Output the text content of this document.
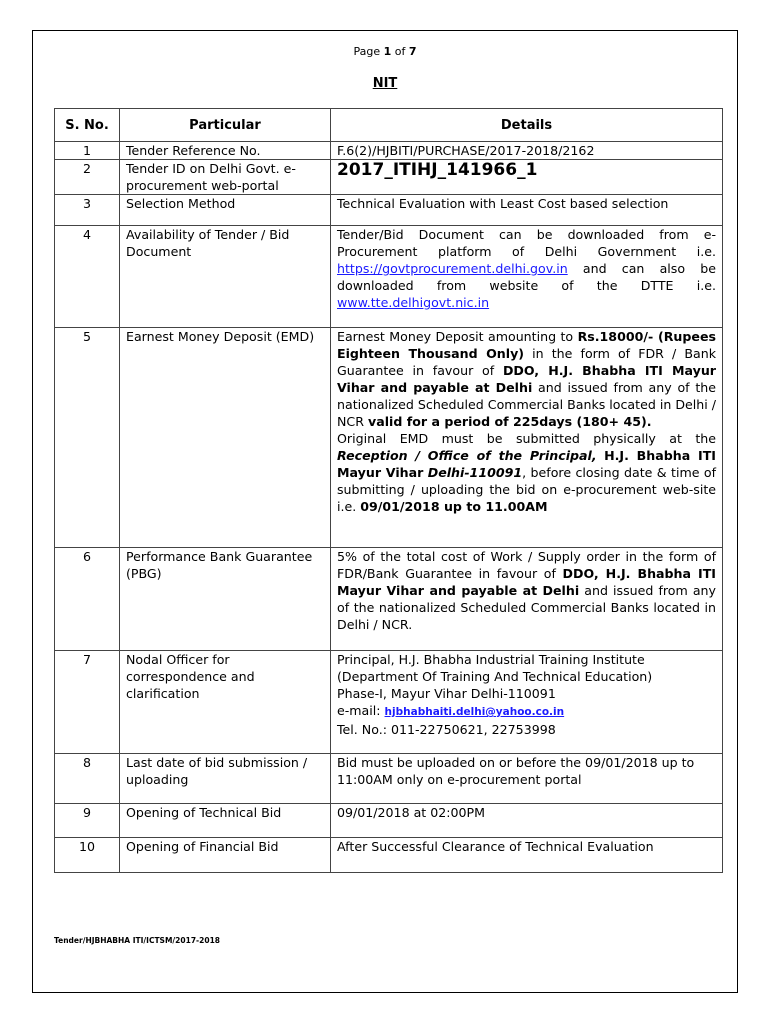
Page 1 of 7
NIT
S. No.	Particular	Details
1	Tender Reference No.	F.6(2)/HJBITI/PURCHASE/2017-2018/2162
2	Tender ID on Delhi Govt. e-procurement web-portal	2017_ITIHJ_141966_1
3	Selection Method	Technical Evaluation with Least Cost based selection
4	Availability of Tender / Bid Document	Tender/Bid Document can be downloaded from e-Procurement platform of Delhi Government i.e. https://govtprocurement.delhi.gov.in and can also be downloaded from website of the DTTE i.e. www.tte.delhigovt.nic.in
5	Earnest Money Deposit (EMD)	Earnest Money Deposit amounting to Rs.18000/- (Rupees Eighteen Thousand Only) in the form of FDR / Bank Guarantee in favour of DDO, H.J. Bhabha ITI Mayur Vihar and payable at Delhi and issued from any of the nationalized Scheduled Commercial Banks located in Delhi / NCR valid for a period of 225days (180+ 45).
Original EMD must be submitted physically at the Reception / Office of the Principal, H.J. Bhabha ITI Mayur Vihar Delhi-110091, before closing date & time of submitting / uploading the bid on e-procurement web-site i.e. 09/01/2018 up to 11.00AM
6	Performance Bank Guarantee (PBG)	5% of the total cost of Work / Supply order in the form of FDR/Bank Guarantee in favour of DDO, H.J. Bhabha ITI Mayur Vihar and payable at Delhi and issued from any of the nationalized Scheduled Commercial Banks located in Delhi / NCR.
7	Nodal Officer for correspondence and clarification	Principal, H.J. Bhabha Industrial Training Institute
(Department Of Training And Technical Education)
Phase-I, Mayur Vihar Delhi-110091
e-mail: hjbhabhaiti.delhi@yahoo.co.in
Tel. No.: 011-22750621, 22753998

8	Last date of bid submission / uploading	Bid must be uploaded on or before the 09/01/2018 up to 11:00AM only on e-procurement portal
9	Opening of Technical Bid	09/01/2018 at 02:00PM
10	Opening of Financial Bid	After Successful Clearance of Technical Evaluation
Tender/HJBHABHA ITI/ICTSM/2017-2018
